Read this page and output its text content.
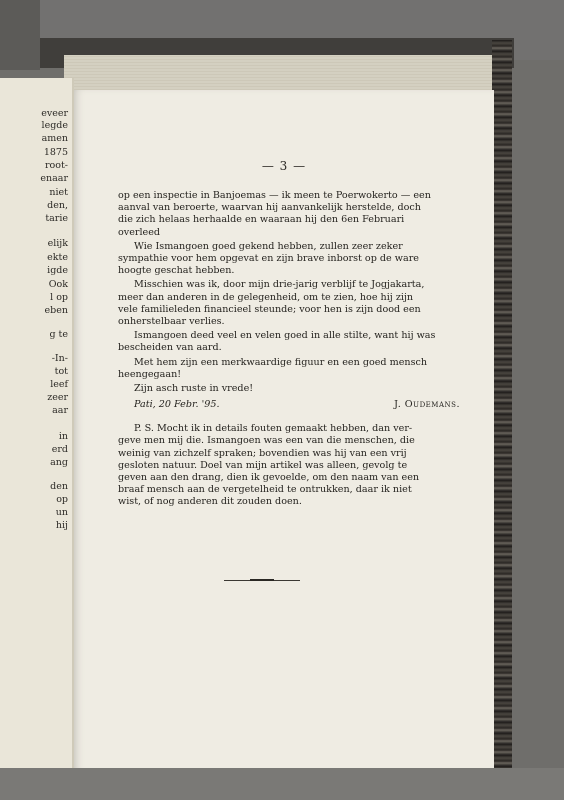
eveer
legde
amen
1875
root-
enaar
niet
den,
tarie
elijk
ekte
igde
Ook
l op
eben
g te
-In-
tot
leef
zeer
aar
in
erd
ang
den
op
un
hij
— 3 —
op een inspectie in Banjoemas — ik meen te Poerwokerto — een
aanval van beroerte, waarvan hij aanvankelijk herstelde, doch
die zich helaas herhaalde en waaraan hij den 6en Februari
overleed
Wie Ismangoen goed gekend hebben, zullen zeer zeker
sympathie voor hem opgevat en zijn brave inborst op de ware
hoogte geschat hebben.
Misschien was ik, door mijn drie-jarig verblijf te Jogjakarta,
meer dan anderen in de gelegenheid, om te zien, hoe hij zijn
vele familieleden financieel steunde; voor hen is zijn dood een
onherstelbaar verlies.
Ismangoen deed veel en velen goed in alle stilte, want hij was
bescheiden van aard.
Met hem zijn een merkwaardige figuur en een goed mensch
heengegaan!
Zijn asch ruste in vrede!
Pati, 20 Febr. '95.	J. Oudemans.
P. S. Mocht ik in details fouten gemaakt hebben, dan ver-
geve men mij die. Ismangoen was een van die menschen, die
weinig van zichzelf spraken; bovendien was hij van een vrij
gesloten natuur. Doel van mijn artikel was alleen, gevolg te
geven aan den drang, dien ik gevoelde, om den naam van een
braaf mensch aan de vergetelheid te ontrukken, daar ik niet
wist, of nog anderen dit zouden doen.
